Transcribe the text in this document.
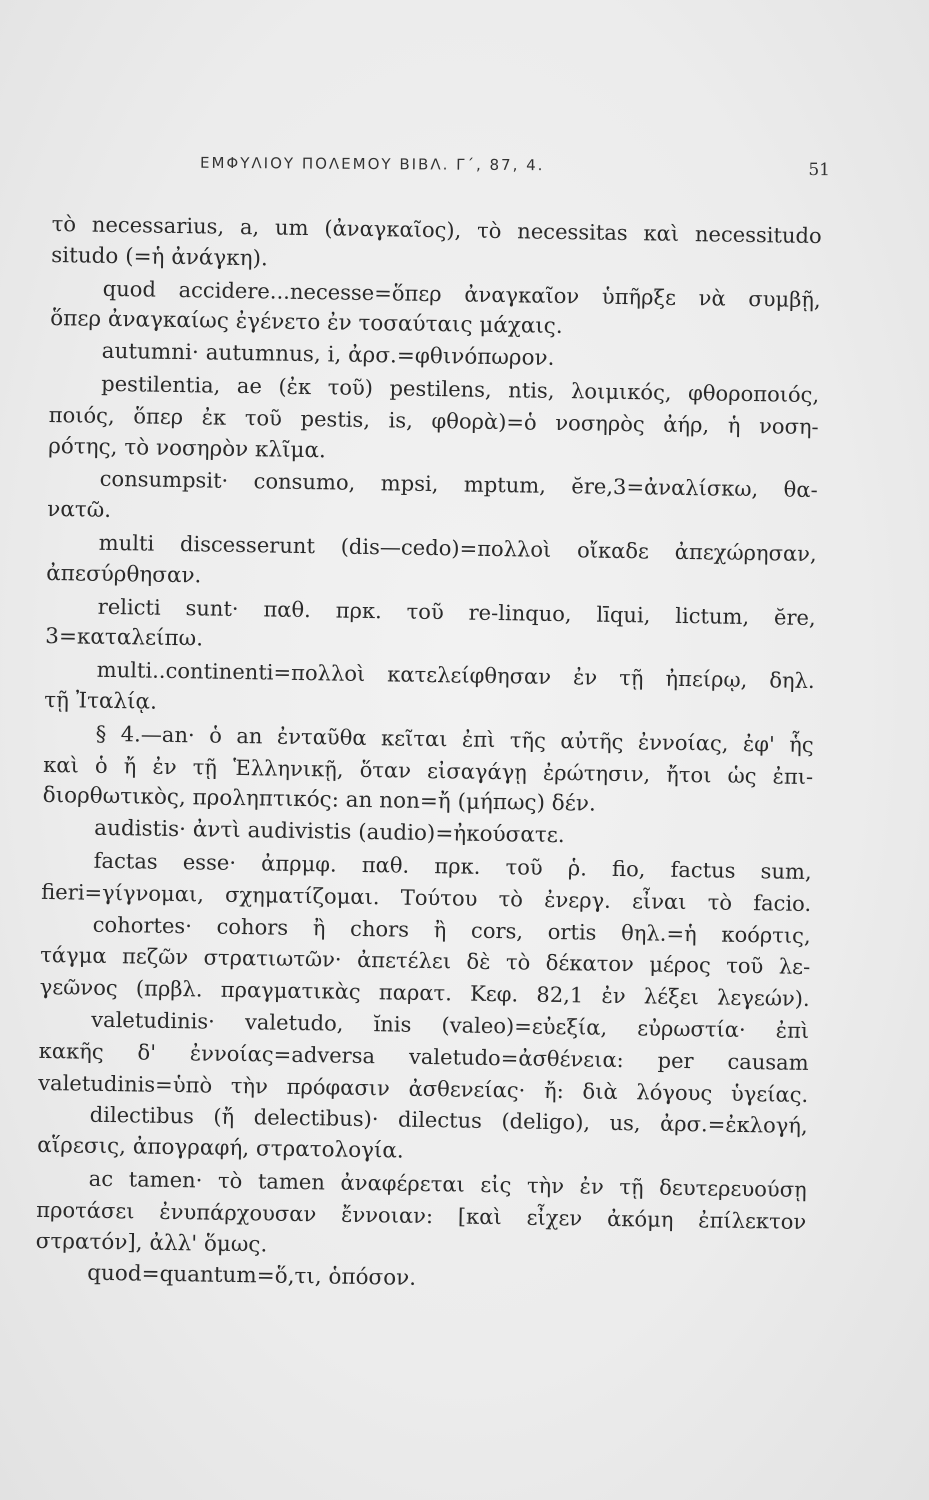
ΕΜΦΥΛΙΟΥ ΠΟΛΕΜΟΥ ΒΙΒΛ. Γ΄, 87, 4.	51
τὸ necessarius, a, um (ἀναγκαῖος), τὸ necessitas καὶ necessitudo
situdo (=ἡ ἀνάγκη).
quod accidere...necesse=ὅπερ ἀναγκαῖον ὑπῆρξε νὰ συμβῇ,
ὅπερ ἀναγκαίως ἐγένετο ἐν τοσαύταις μάχαις.
autumni· autumnus, i, ἀρσ.=φθινόπωρον.
pestilentia, ae (ἐκ τοῦ) pestilens, ntis, λοιμικός, φθοροποιός,
ποιός, ὅπερ ἐκ τοῦ pestis, is, φθορὰ)=ὁ νοσηρὸς ἀήρ, ἡ νοση-
ρότης, τὸ νοσηρὸν κλῖμα.
consumpsit· consumo, mpsi, mptum, ĕre,3=ἀναλίσκω, θα-
νατῶ.
multi discesserunt (dis—cedo)=πολλοὶ οἴκαδε ἀπεχώρησαν,
ἀπεσύρθησαν.
relicti sunt· παθ. πρκ. τοῦ re-linquo, līqui, lictum, ĕre,
3=καταλείπω.
multi..continenti=πολλοὶ κατελείφθησαν ἐν τῇ ἠπείρῳ, δηλ.
τῇ Ἰταλίᾳ.
§ 4.—an· ὁ an ἐνταῦθα κεῖται ἐπὶ τῆς αὐτῆς ἐννοίας, ἐφ' ἧς
καὶ ὁ ἤ ἐν τῇ Ἑλληνικῇ, ὅταν εἰσαγάγῃ ἐρώτησιν, ἤτοι ὡς ἐπι-
διορθωτικὸς, προληπτικός: an non=ἤ (μήπως) δέν.
audistis· ἀντὶ audivistis (audio)=ἠκούσατε.
factas esse· ἀπρμφ. παθ. πρκ. τοῦ ῥ. fio, factus sum,
fieri=γίγνομαι, σχηματίζομαι. Τούτου τὸ ἐνεργ. εἶναι τὸ facio.
cohortes· cohors ἢ chors ἢ cors, ortis θηλ.=ἡ κοόρτις,
τάγμα πεζῶν στρατιωτῶν· ἀπετέλει δὲ τὸ δέκατον μέρος τοῦ λε-
γεῶνος (πρβλ. πραγματικὰς παρατ. Κεφ. 82,1 ἐν λέξει λεγεών).
valetudinis· valetudo, ĭnis (valeo)=εὐεξία, εὐρωστία· ἐπὶ
κακῆς δ' ἐννοίας=adversa valetudo=ἀσθένεια: per causam
valetudinis=ὑπὸ τὴν πρόφασιν ἀσθενείας· ἤ: διὰ λόγους ὑγείας.
dilectibus (ἤ delectibus)· dilectus (deligo), us, ἀρσ.=ἐκλογή,
αἵρεσις, ἀπογραφή, στρατολογία.
ac tamen· τὸ tamen ἀναφέρεται εἰς τὴν ἐν τῇ δευτερευούσῃ
προτάσει ἐνυπάρχουσαν ἔννοιαν: [καὶ εἶχεν ἀκόμη ἐπίλεκτον
στρατόν], ἀλλ' ὅμως.
quod=quantum=ὅ,τι, ὁπόσον.
